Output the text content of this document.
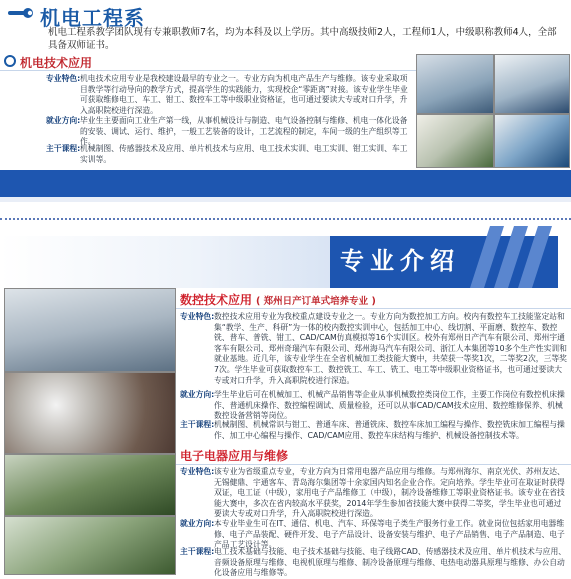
机电工程系
机电工程系教学团队现有专兼职教师7名，均为本科及以上学历。其中高级技师2人，工程师1人，中级职称教师4人，全部具备双师证书。
机电技术应用
专业特色: 机电技术应用专业是我校建设最早的专业之一。专业方向为机电产品生产与维修。该专业采取项目教学等行动导向的教学方式，提高学生的实践能力，实现校企“零距离”对接。该专业学生毕业可获取维修电工、车工、钳工、数控车工等中级职业资格证，也可通过要读大专或对口升学，升入高职院校进行深造。
就业方向: 毕业生主要面向工业生产第一线，从事机械设计与制造、电气设备控制与维修、机电一体化设备的安装、调试、运行、维护，一般工艺装备的设计，工艺流程的制定，车间一级的生产组织等工作。
主干课程: 机械制图、传感器技术及应用、单片机技术与应用、电工技术实训、电工实训、钳工实训、车工实训等。
专业介绍
数控技术应用 ( 郑州日产订单式培养专业 )
专业特色: 数控技术应用专业为我校重点建设专业之一。专业方向为数控加工方向。校内有数控车工技能鉴定站和集“教学、生产、科研”为一体的校内数控实训中心，包括加工中心、线切割、平面磨、数控车、数控铣、普车、普铣、钳工、CAD/CAM仿真模拟等16个实训区。校外有郑州日产汽车有限公司、郑州宇通客车有限公司、郑州奇瑞汽车有限公司、郑州海马汽车有限公司、浙江人本集团等10多个生产性实训和就业基地。近几年，该专业学生在全省机械加工类技能大赛中，共荣获一等奖1次，二等奖2次，三等奖7次。学生毕业可获取数控车工、数控铣工、车工、铣工、电工等中级职业资格证书，也可通过要读大专或对口升学，升入高职院校进行深造。
就业方向: 学生毕业后可在机械加工、机械产品销售等企业从事机械数控类岗位工作，主要工作岗位有数控机床操作、普通机床操作、数控编程调试、质量检验，还可以从事CAD/CAM技术应用、数控维修保养、机械数控设备营销等岗位。
主干课程: 机械制图、机械常识与钳工、普通车床、普通铣床、数控车床加工编程与操作、数控铣床加工编程与操作、加工中心编程与操作、CAD/CAM应用、数控车床结构与维护、机械设备控制技术等。
电子电器应用与维修
专业特色: 该专业为省级重点专业，专业方向为日常用电器产品应用与维修。与郑州海尔、南京光伏、苏州友达、无锡健鼎、宇通客车、青岛海尔集团等十余家国内知名企业合作。定向培养。学生毕业可在取证时获得双证，电工证（中级），家用电子产品维修工（中级），制冷设备维修工等职业资格证书。该专业在省技能大赛中，多次在省内较高水平获奖，2014年学生参加省技能大赛中获得二等奖，学生毕业也可通过要读大专或对口升学，升入高职院校进行深造。
就业方向: 本专业毕业生可在IT、通信、机电、汽车、环保等电子类生产服务行业工作。就业岗位包括家用电器维修、电子产品装配、硬件开发、电子产品设计、设备安装与维护、电子产品销售、电子产品制造、电子产品工艺设计等。
主干课程: 电工技术基础与技能、电子技术基础与技能、电子线路CAD、传感器技术及应用、单片机技术与应用、音频设备原理与维修、电视机原理与维修、制冷设备原理与维修、电热电动器具原理与维修、办公自动化设备应用与维修等。
